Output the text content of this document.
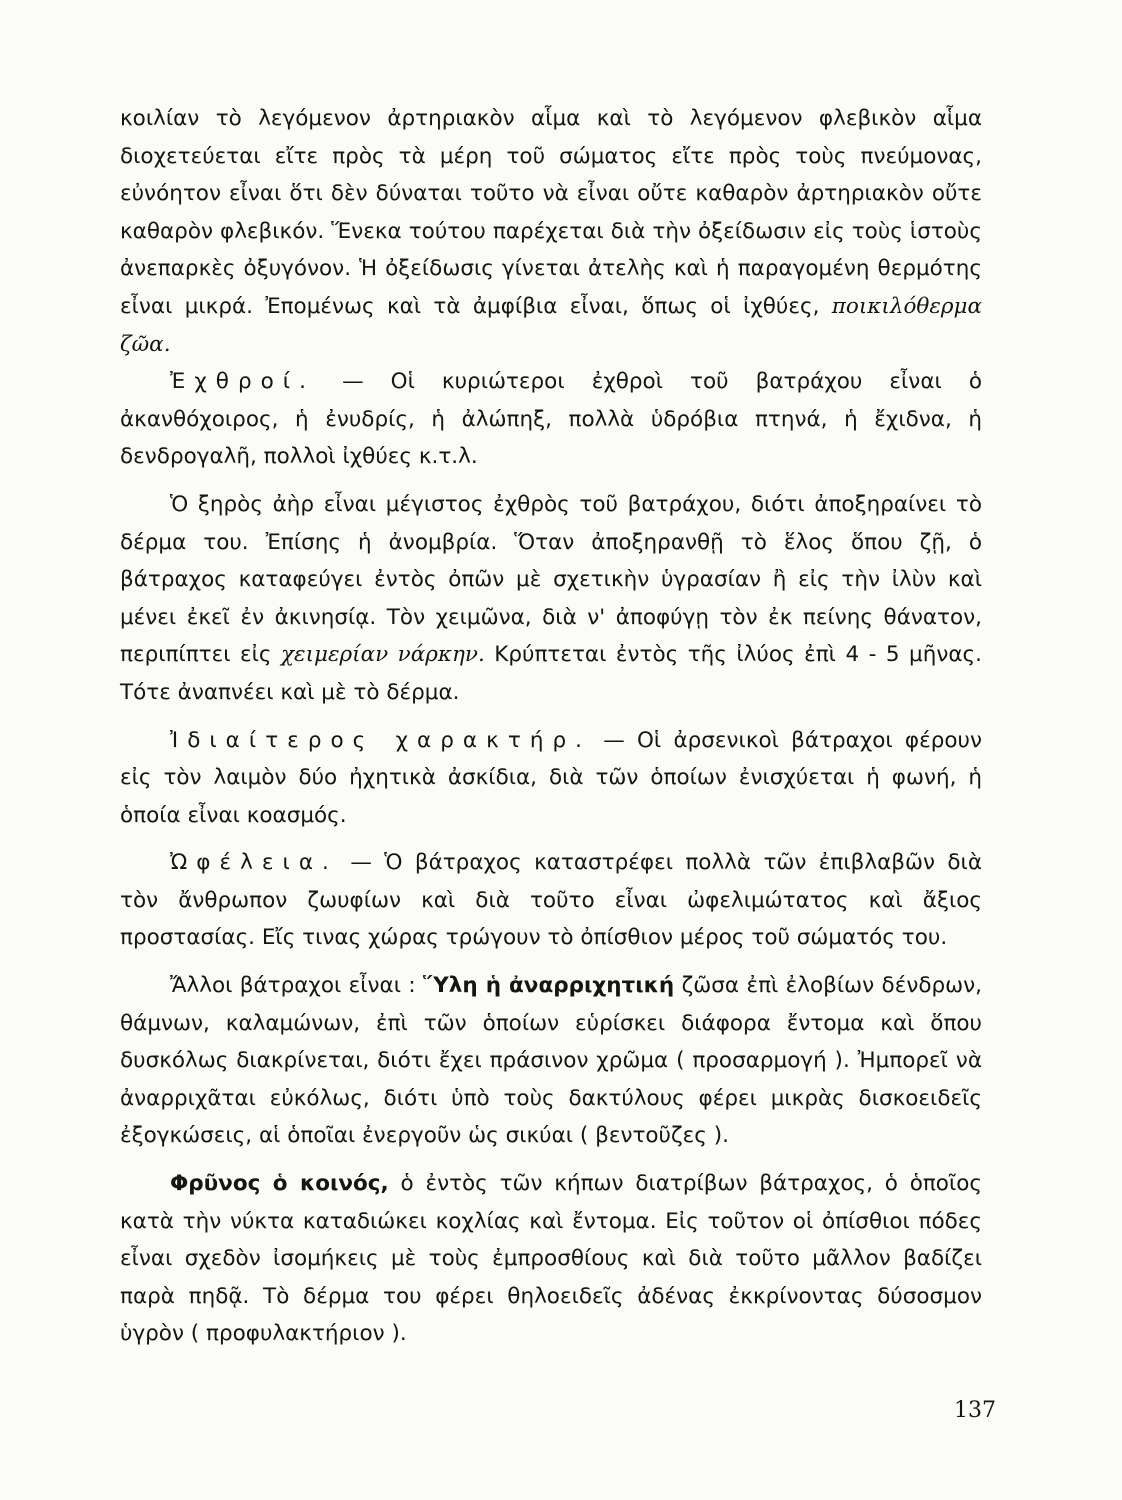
κοιλίαν τὸ λεγόμενον ἀρτηριακὸν αἷμα καὶ τὸ λεγόμενον φλεβικὸν αἷμα διοχετεύεται εἴτε πρὸς τὰ μέρη τοῦ σώματος εἴτε πρὸς τοὺς πνεύμονας, εὐνόητον εἶναι ὅτι δὲν δύναται τοῦτο νὰ εἶναι οὔτε καθαρὸν ἀρτηριακὸν οὔτε καθαρὸν φλεβικόν. Ἕνεκα τούτου παρέχεται διὰ τὴν ὀξείδωσιν εἰς τοὺς ἱστοὺς ἀνεπαρκὲς ὀξυγόνον. Ἡ ὀξείδωσις γίνεται ἀτελὴς καὶ ἡ παραγομένη θερμότης εἶναι μικρά. Ἐπομένως καὶ τὰ ἀμφίβια εἶναι, ὅπως οἱ ἰχθύες, ποικιλόθερμα ζῶα.

Ἐχθροί. — Οἱ κυριώτεροι ἐχθροὶ τοῦ βατράχου εἶναι ὁ ἀκανθόχοιρος, ἡ ἐνυδρίς, ἡ ἀλώπηξ, πολλὰ ὑδρόβια πτηνά, ἡ ἔχιδνα, ἡ δενδρογαλῆ, πολλοὶ ἰχθύες κ.τ.λ.

Ὁ ξηρὸς ἀὴρ εἶναι μέγιστος ἐχθρὸς τοῦ βατράχου, διότι ἀποξηραίνει τὸ δέρμα του. Ἐπίσης ἡ ἀνομβρία. Ὅταν ἀποξηρανθῇ τὸ ἕλος ὅπου ζῇ, ὁ βάτραχος καταφεύγει ἐντὸς ὀπῶν μὲ σχετικὴν ὑγρασίαν ἢ εἰς τὴν ἰλὺν καὶ μένει ἐκεῖ ἐν ἀκινησίᾳ. Τὸν χειμῶνα, διὰ ν' ἀποφύγῃ τὸν ἐκ πείνης θάνατον, περιπίπτει εἰς χειμερίαν νάρκην. Κρύπτεται ἐντὸς τῆς ἰλύος ἐπὶ 4 - 5 μῆνας. Τότε ἀναπνέει καὶ μὲ τὸ δέρμα.

Ἰδιαίτερος χαρακτήρ. — Οἱ ἀρσενικοὶ βάτραχοι φέρουν εἰς τὸν λαιμὸν δύο ἠχητικὰ ἀσκίδια, διὰ τῶν ὁποίων ἐνισχύεται ἡ φωνή, ἡ ὁποία εἶναι κοασμός.

Ὠφέλεια. — Ὁ βάτραχος καταστρέφει πολλὰ τῶν ἐπιβλαβῶν διὰ τὸν ἄνθρωπον ζωυφίων καὶ διὰ τοῦτο εἶναι ὠφελιμώτατος καὶ ἄξιος προστασίας. Εἴς τινας χώρας τρώγουν τὸ ὀπίσθιον μέρος τοῦ σώματός του.

Ἄλλοι βάτραχοι εἶναι : Ὕλη ἡ ἀναρριχητική ζῶσα ἐπὶ ἐλοβίων δένδρων, θάμνων, καλαμώνων, ἐπὶ τῶν ὁποίων εὑρίσκει διάφορα ἔντομα καὶ ὅπου δυσκόλως διακρίνεται, διότι ἔχει πράσινον χρῶμα ( προσαρμογή ). Ἠμπορεῖ νὰ ἀναρριχᾶται εὐκόλως, διότι ὑπὸ τοὺς δακτύλους φέρει μικρὰς δισκοειδεῖς ἐξογκώσεις, αἱ ὁποῖαι ἐνεργοῦν ὡς σικύαι ( βεντοῦζες ).

Φρῦνος ὁ κοινός, ὁ ἐντὸς τῶν κήπων διατρίβων βάτραχος, ὁ ὁποῖος κατὰ τὴν νύκτα καταδιώκει κοχλίας καὶ ἔντομα. Εἰς τοῦτον οἱ ὀπίσθιοι πόδες εἶναι σχεδὸν ἰσομήκεις μὲ τοὺς ἐμπροσθίους καὶ διὰ τοῦτο μᾶλλον βαδίζει παρὰ πηδᾷ. Τὸ δέρμα του φέρει θηλοειδεῖς ἀδένας ἐκκρίνοντας δύσοσμον ὑγρὸν ( προφυλακτήριον ).

137
